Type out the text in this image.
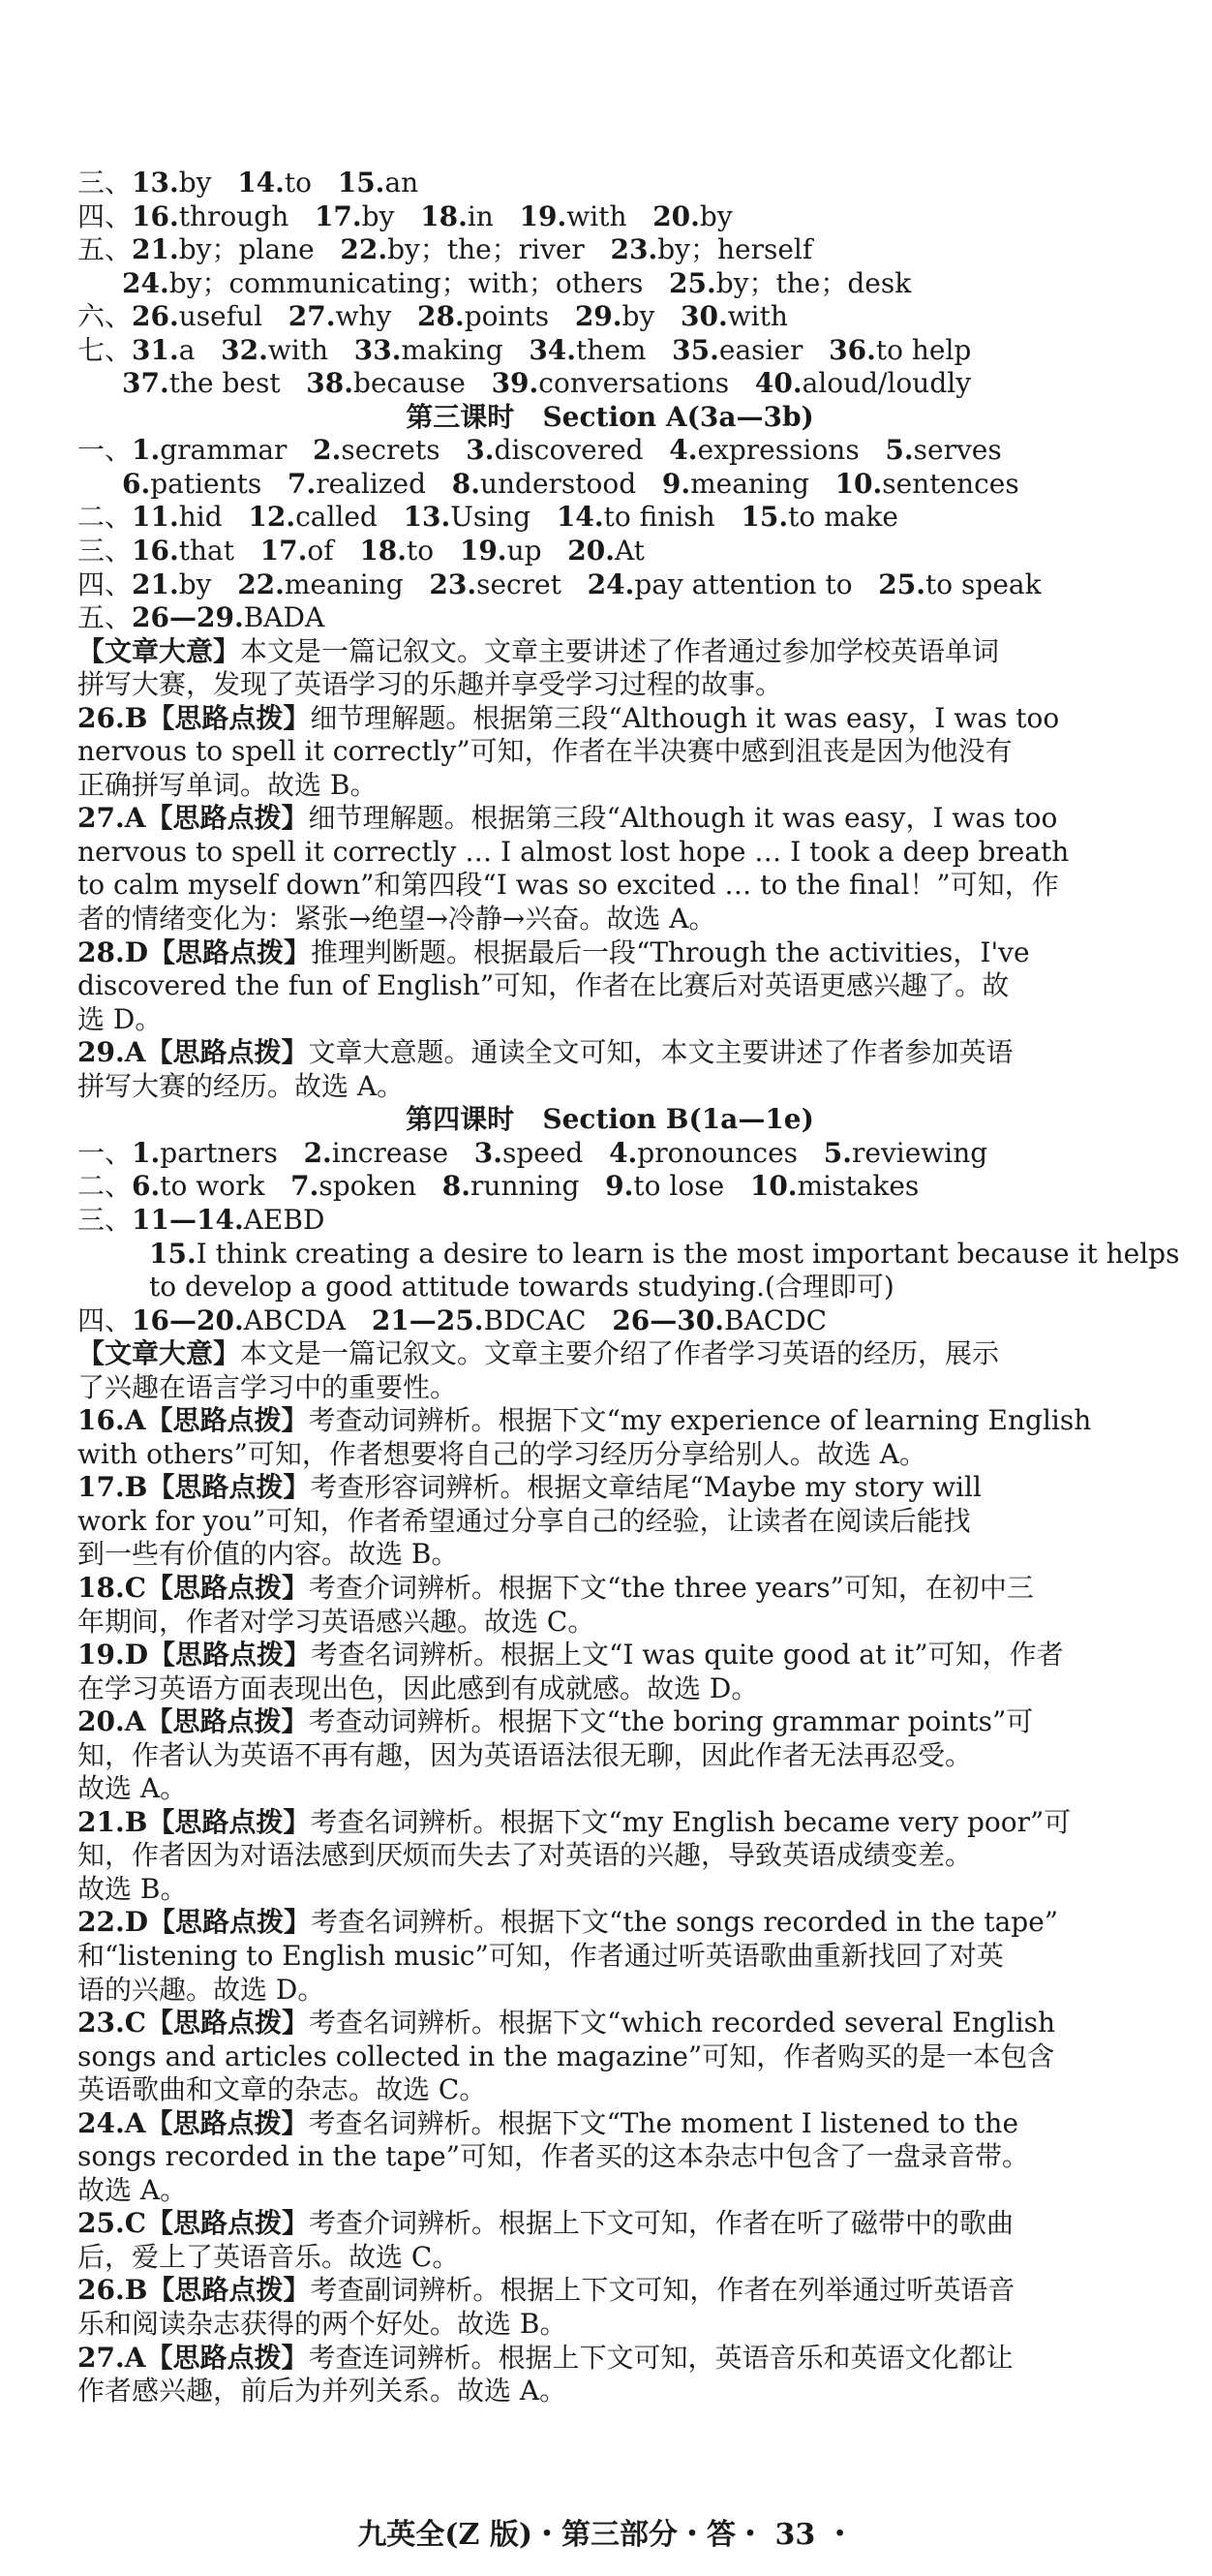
三、13.by   14.to   15.an
四、16.through   17.by   18.in   19.with   20.by
五、21.by；plane   22.by；the；river   23.by；herself
24.by；communicating；with；others   25.by；the；desk
六、26.useful   27.why   28.points   29.by   30.with
七、31.a   32.with   33.making   34.them   35.easier   36.to help
37.the best   38.because   39.conversations   40.aloud/loudly
第三课时   Section A(3a—3b)
一、1.grammar   2.secrets   3.discovered   4.expressions   5.serves
6.patients   7.realized   8.understood   9.meaning   10.sentences
二、11.hid   12.called   13.Using   14.to finish   15.to make
三、16.that   17.of   18.to   19.up   20.At
四、21.by   22.meaning   23.secret   24.pay attention to   25.to speak
五、26—29.BADA
【文章大意】本文是一篇记叙文。文章主要讲述了作者通过参加学校英语单词
拼写大赛，发现了英语学习的乐趣并享受学习过程的故事。
26.B【思路点拨】细节理解题。根据第三段“Although it was easy，I was too
nervous to spell it correctly”可知，作者在半决赛中感到沮丧是因为他没有
正确拼写单词。故选 B。
27.A【思路点拨】细节理解题。根据第三段“Although it was easy，I was too
nervous to spell it correctly … I almost lost hope … I took a deep breath
to calm myself down”和第四段“I was so excited … to the final！”可知，作
者的情绪变化为：紧张→绝望→冷静→兴奋。故选 A。
28.D【思路点拨】推理判断题。根据最后一段“Through the activities，I've
discovered the fun of English”可知，作者在比赛后对英语更感兴趣了。故
选 D。
29.A【思路点拨】文章大意题。通读全文可知，本文主要讲述了作者参加英语
拼写大赛的经历。故选 A。
第四课时   Section B(1a—1e)
一、1.partners   2.increase   3.speed   4.pronounces   5.reviewing
二、6.to work   7.spoken   8.running   9.to lose   10.mistakes
三、11—14.AEBD
15.I think creating a desire to learn is the most important because it helps
to develop a good attitude towards studying.(合理即可)
四、16—20.ABCDA   21—25.BDCAC   26—30.BACDC
【文章大意】本文是一篇记叙文。文章主要介绍了作者学习英语的经历，展示
了兴趣在语言学习中的重要性。
16.A【思路点拨】考查动词辨析。根据下文“my experience of learning English
with others”可知，作者想要将自己的学习经历分享给别人。故选 A。
17.B【思路点拨】考查形容词辨析。根据文章结尾“Maybe my story will
work for you”可知，作者希望通过分享自己的经验，让读者在阅读后能找
到一些有价值的内容。故选 B。
18.C【思路点拨】考查介词辨析。根据下文“the three years”可知，在初中三
年期间，作者对学习英语感兴趣。故选 C。
19.D【思路点拨】考查名词辨析。根据上文“I was quite good at it”可知，作者
在学习英语方面表现出色，因此感到有成就感。故选 D。
20.A【思路点拨】考查动词辨析。根据下文“the boring grammar points”可
知，作者认为英语不再有趣，因为英语语法很无聊，因此作者无法再忍受。
故选 A。
21.B【思路点拨】考查名词辨析。根据下文“my English became very poor”可
知，作者因为对语法感到厌烦而失去了对英语的兴趣，导致英语成绩变差。
故选 B。
22.D【思路点拨】考查名词辨析。根据下文“the songs recorded in the tape”
和“listening to English music”可知，作者通过听英语歌曲重新找回了对英
语的兴趣。故选 D。
23.C【思路点拨】考查名词辨析。根据下文“which recorded several English
songs and articles collected in the magazine”可知，作者购买的是一本包含
英语歌曲和文章的杂志。故选 C。
24.A【思路点拨】考查名词辨析。根据下文“The moment I listened to the
songs recorded in the tape”可知，作者买的这本杂志中包含了一盘录音带。
故选 A。
25.C【思路点拨】考查介词辨析。根据上下文可知，作者在听了磁带中的歌曲
后，爱上了英语音乐。故选 C。
26.B【思路点拨】考查副词辨析。根据上下文可知，作者在列举通过听英语音
乐和阅读杂志获得的两个好处。故选 B。
27.A【思路点拨】考查连词辨析。根据上下文可知，英语音乐和英语文化都让
作者感兴趣，前后为并列关系。故选 A。
九英全(Z 版)・第三部分・答・ 33 ・
